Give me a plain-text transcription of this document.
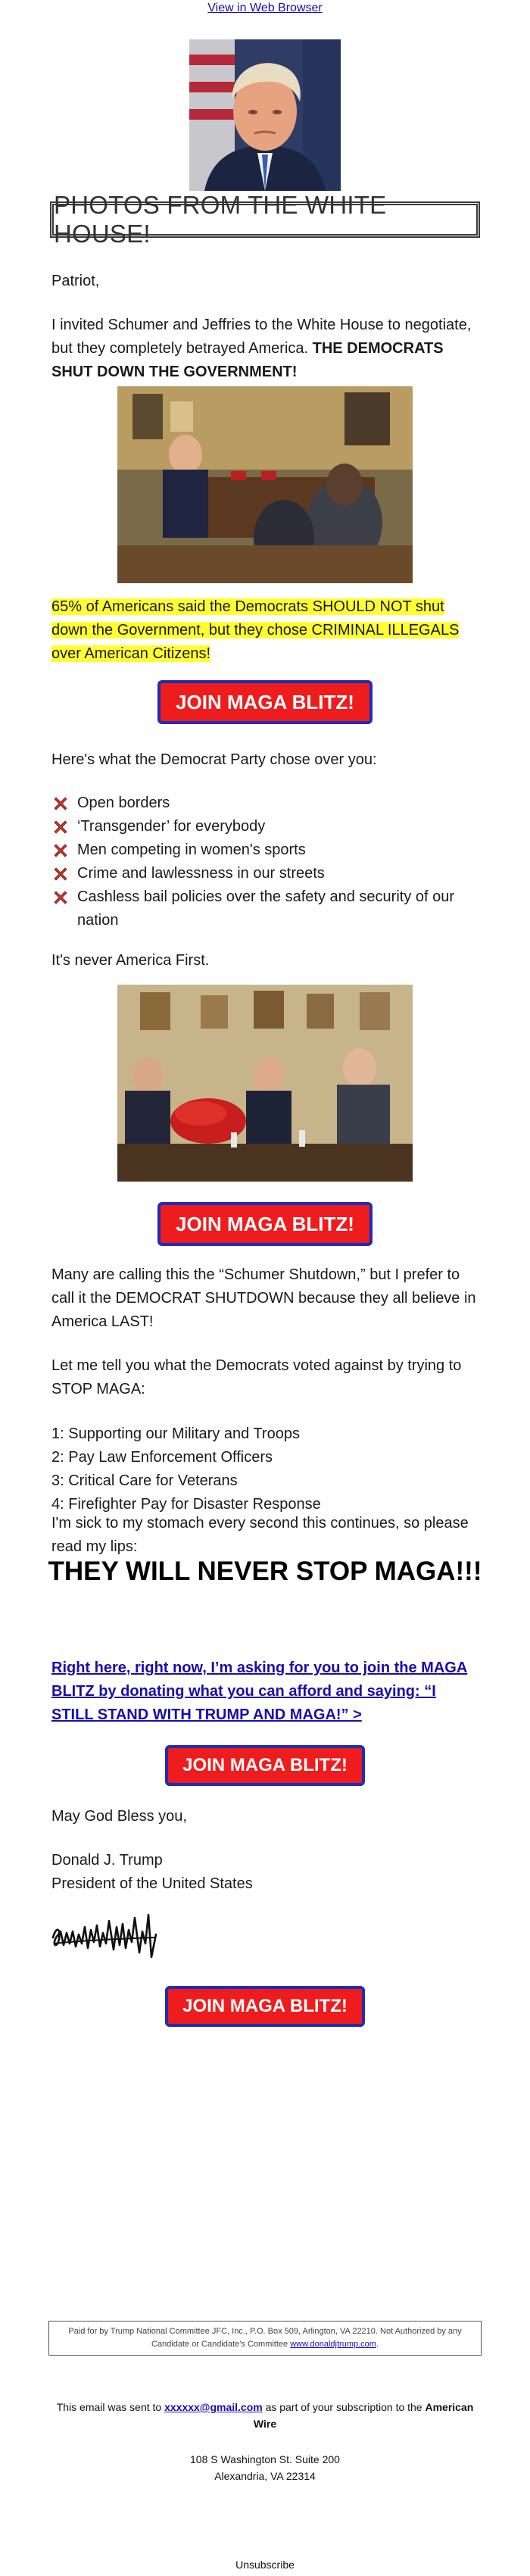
View in Web Browser
PHOTOS FROM THE WHITE HOUSE!
Patriot,
I invited Schumer and Jeffries to the White House to negotiate, but they completely betrayed America. THE DEMOCRATS SHUT DOWN THE GOVERNMENT!
65% of Americans said the Democrats SHOULD NOT shut down the Government, but they chose CRIMINAL ILLEGALS over American Citizens!
JOIN MAGA BLITZ!
Here's what the Democrat Party chose over you:
Open borders
‘Transgender’ for everybody
Men competing in women's sports
Crime and lawlessness in our streets
Cashless bail policies over the safety and security of our nation
It's never America First.
JOIN MAGA BLITZ!
Many are calling this the “Schumer Shutdown,” but I prefer to call it the DEMOCRAT SHUTDOWN because they all believe in America LAST!
Let me tell you what the Democrats voted against by trying to STOP MAGA:
1: Supporting our Military and Troops
2: Pay Law Enforcement Officers
3: Critical Care for Veterans
4: Firefighter Pay for Disaster Response
I'm sick to my stomach every second this continues, so please read my lips:
THEY WILL NEVER STOP MAGA!!!
Right here, right now, I’m asking for you to join the MAGA BLITZ by donating what you can afford and saying: “I STILL STAND WITH TRUMP AND MAGA!” >
JOIN MAGA BLITZ!
May God Bless you,
Donald J. Trump
President of the United States
JOIN MAGA BLITZ!
Paid for by Trump National Committee JFC, Inc., P.O. Box 509, Arlington, VA 22210. Not Authorized by any Candidate or Candidate’s Committee www.donaldjtrump.com.
This email was sent to xxxxxx@gmail.com as part of your subscription to the American Wire
108 S Washington St. Suite 200
Alexandria, VA 22314
Unsubscribe
